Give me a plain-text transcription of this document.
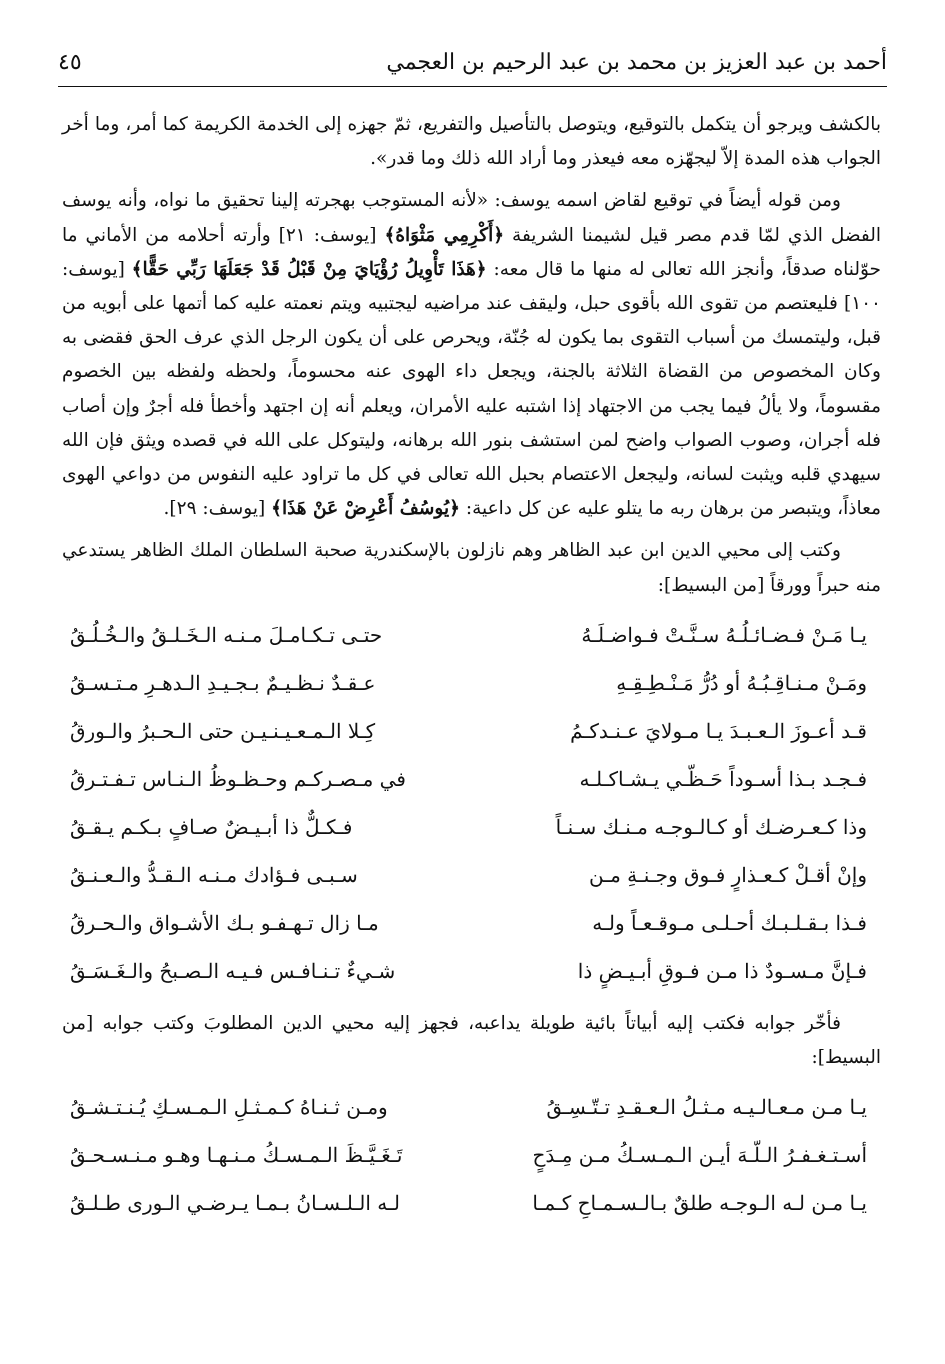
أحمد بن عبد العزيز بن محمد بن عبد الرحيم بن العجمي
٤٥

بالكشف ويرجو أن يتكمل بالتوقيع، ويتوصل بالتأصيل والتفريع، ثمّ جهزه إلى الخدمة الكريمة كما أمر، وما أخر الجواب هذه المدة إلاّ ليجهّزه معه فيعذر وما أراد الله ذلك وما قدر».

ومن قوله أيضاً في توقيع لقاض اسمه يوسف: «لأنه المستوجب بهجرته إلينا تحقيق ما نواه، وأنه يوسف الفضل الذي لمّا قدم مصر قيل لشيمنا الشريفة ﴿أَكْرِمِي مَثْوَاهُ﴾ [يوسف: ٢١] وأرته أحلامه من الأماني ما حوّلناه صدقاً، وأنجز الله تعالى له منها ما قال معه: ﴿هَذَا تَأْوِيلُ رُؤْيَايَ مِنْ قَبْلُ قَدْ جَعَلَهَا رَبِّي حَقًّا﴾ [يوسف: ١٠٠] فليعتصم من تقوى الله بأقوى حبل، وليقف عند مراضيه ليجتبيه ويتم نعمته عليه كما أتمها على أبويه من قبل، وليتمسك من أسباب التقوى بما يكون له جُنّة، ويحرص على أن يكون الرجل الذي عرف الحق فقضى به وكان المخصوص من القضاة الثلاثة بالجنة، ويجعل داء الهوى عنه محسوماً، ولحظه ولفظه بين الخصوم مقسوماً، ولا يألُ فيما يجب من الاجتهاد إذا اشتبه عليه الأمران، ويعلم أنه إن اجتهد وأخطأ فله أجرٌ وإن أصاب فله أجران، وصوب الصواب واضح لمن استشف بنور الله برهانه، وليتوكل على الله في قصده ويثق فإن الله سيهدي قلبه ويثبت لسانه، وليجعل الاعتصام بحبل الله تعالى في كل ما تراود عليه النفوس من دواعي الهوى معاذاً، ويتبصر من برهان ربه ما يتلو عليه عن كل داعية: ﴿يُوسُفُ أَعْرِضْ عَنْ هَذَا﴾ [يوسف: ٢٩].

وكتب إلى محيي الدين ابن عبد الظاهر وهم نازلون بالإسكندرية صحبة السلطان الملك الظاهر يستدعي منه حبراً وورقاً [من البسيط]:

يـا مَـنْ فـضـائـلُـهُ سـنَّـتْ فـواضـلَـهُ
حتـى تـكـامـلَ مـنـه الـخَـلـقُ والـخُـلُـقُ
ومَـنْ مـنـاقِـبُـهُ أو دُرُّ مَـنْـطِـقِـهِ
عـقـدٌ نـظـيـمٌ بـجـيـدِ الـدهـرِ مـتـسـقُ
قـد أعـوزَ الـعـبـدَ يـا مـولايَ عـنـدكـمُ
كِـلا الـمـعـيـنـيـن حتى الـحـبرُ والـورقُ
فـجـد بـذا أسـوداً حَـظّـي يـشـاكـلـه
في مـصـركـم وحـظـوظُ الـنـاس تـفـتـرقُ
وذا كـعـرضـك أو كـالـوجـه مـنـك سـنـاً
فـكـلٌّ ذا أبـيـضٌ صـافٍ بـكـم يـقـقُ
وإنْ أقـلْ كـعـذارٍ فـوق وجـنـةِ مـن
سـبـى فـؤادك مـنـه الـقـدُّ والـعـنـقُ
فـذا بـقـلـبـك أحـلـى مـوقـعـاً ولـه
مـا زال تـهـفـو بـك الأشـواق والـحـرقُ
فـإنَّ مـسـودٌ ذا مـن فـوقِ أبـيـضٍ ذا
شـيءٌ تـنـافـس فـيـه الـصـبحُ والـغَـسَـقُ

فأخّر جوابه فكتب إليه أبياتاً بائية طويلة يداعبه، فجهز إليه محيي الدين المطلوبَ وكتب جوابه [من البسيط]:

يـا مـن مـعـالـيـه مـثـلُ الـعـقـدِ تـتّـسِـقُ
ومـن ثـنـاهُ كـمـثـلِ الـمـسـكِ يُـنـتـشـقُ
أسـتـغـفـرُ الـلّـهَ أيـن الـمـسـكُ مـن مِـدَحٍ
تَـغَـيَّـظَ الـمـسـكُ مـنـهـا وهـو مـنـسـحـقُ
يـا مـن لـه الـوجـه طلقٌ بـالـسـمـاحِ كـمـا
لـه الـلـسـانُ بـمـا يـرضـي الـورى طـلـقُ
